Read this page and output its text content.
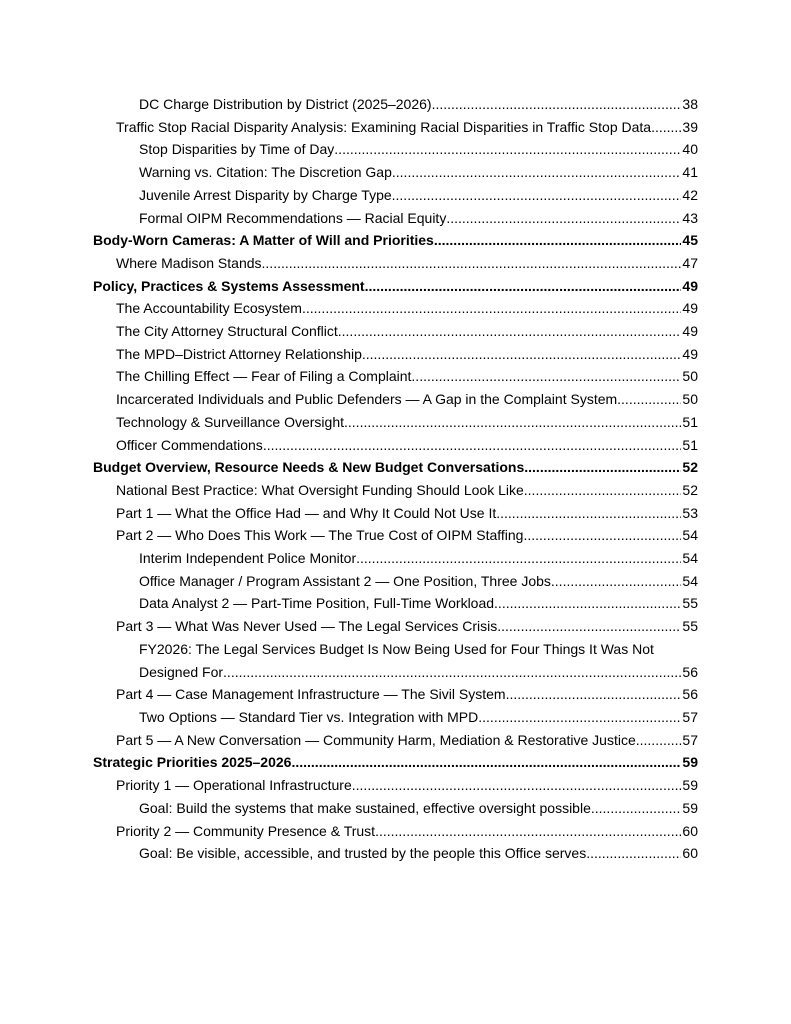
DC Charge Distribution by District (2025–2026) .....	38
Traffic Stop Racial Disparity Analysis: Examining Racial Disparities in Traffic Stop Data ..... 39
Stop Disparities by Time of Day .....	40
Warning vs. Citation: The Discretion Gap .....	41
Juvenile Arrest Disparity by Charge Type .....	42
Formal OIPM Recommendations — Racial Equity .....	43
Body-Worn Cameras: A Matter of Will and Priorities .....	45
Where Madison Stands .....	47
Policy, Practices & Systems Assessment .....	49
The Accountability Ecosystem .....	49
The City Attorney Structural Conflict .....	49
The MPD–District Attorney Relationship .....	49
The Chilling Effect — Fear of Filing a Complaint .....	50
Incarcerated Individuals and Public Defenders — A Gap in the Complaint System .....	50
Technology & Surveillance Oversight .....	51
Officer Commendations .....	51
Budget Overview, Resource Needs & New Budget Conversations .....	52
National Best Practice: What Oversight Funding Should Look Like .....	52
Part 1 — What the Office Had — and Why It Could Not Use It .....	53
Part 2 — Who Does This Work — The True Cost of OIPM Staffing .....	54
Interim Independent Police Monitor .....	54
Office Manager / Program Assistant 2 — One Position, Three Jobs .....	54
Data Analyst 2 — Part-Time Position, Full-Time Workload .....	55
Part 3 — What Was Never Used — The Legal Services Crisis .....	55
FY2026: The Legal Services Budget Is Now Being Used for Four Things It Was Not
Designed For .....	56
Part 4 — Case Management Infrastructure — The Sivil System .....	56
Two Options — Standard Tier vs. Integration with MPD .....	57
Part 5 — A New Conversation — Community Harm, Mediation & Restorative Justice .....	57
Strategic Priorities 2025–2026 .....	59
Priority 1 — Operational Infrastructure .....	59
Goal: Build the systems that make sustained, effective oversight possible .....	59
Priority 2 — Community Presence & Trust .....	60
Goal: Be visible, accessible, and trusted by the people this Office serves .....	60
